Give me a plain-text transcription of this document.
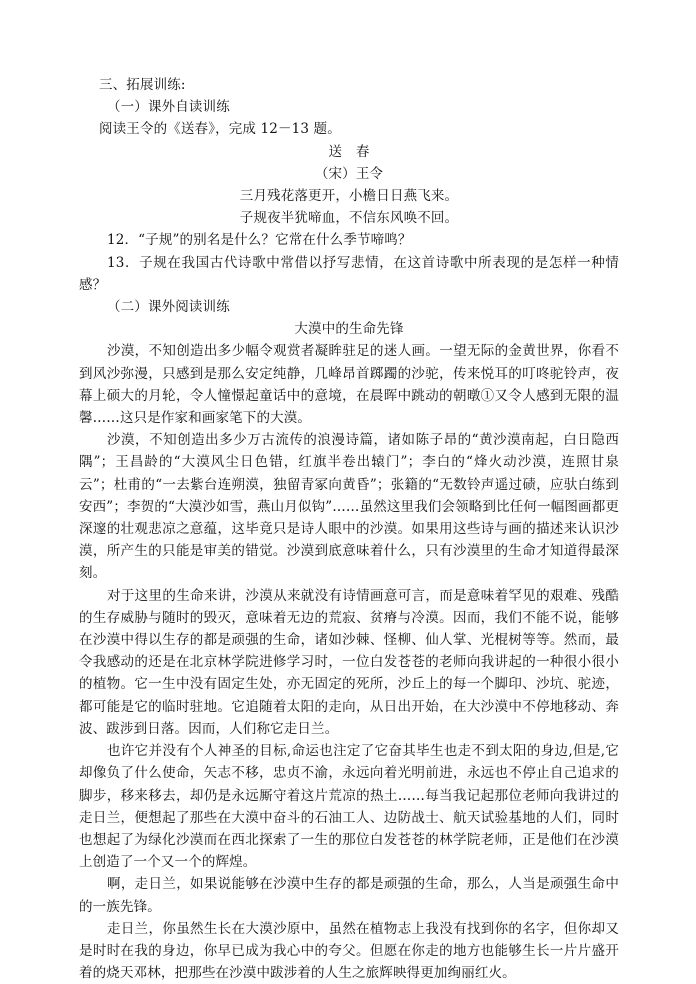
三、拓展训练:
（一）课外自读训练
阅读王令的《送春》，完成 12－13 题。
送　春
（宋）王令
三月残花落更开，小檐日日燕飞来。
子规夜半犹啼血，不信东风唤不回。
12．“子规”的别名是什么？它常在什么季节啼鸣？
13．子规在我国古代诗歌中常借以抒写悲情，在这首诗歌中所表现的是怎样一种情感？
（二）课外阅读训练
大漠中的生命先锋
沙漠，不知创造出多少幅令观赏者凝眸驻足的迷人画。一望无际的金黄世界，你看不到风沙弥漫，只感到是那么安定纯静，几峰昂首踯躅的沙驼，传来悦耳的叮咚驼铃声，夜幕上硕大的月轮，令人憧憬起童话中的意境，在晨晖中跳动的朝暾①又令人感到无限的温馨……这只是作家和画家笔下的大漠。
沙漠，不知创造出多少万古流传的浪漫诗篇，诸如陈子昂的“黄沙漠南起，白日隐西隅”；王昌龄的“大漠风尘日色错，红旗半卷出辕门”；李白的“烽火动沙漠，连照甘泉云”；杜甫的“一去紫台连朔漠，独留青冢向黄昏”；张籍的“无数铃声遥过碛，应驮白练到安西”；李贺的“大漠沙如雪，燕山月似钩”……虽然这里我们会领略到比任何一幅图画都更深邃的壮观悲凉之意蕴，这毕竟只是诗人眼中的沙漠。如果用这些诗与画的描述来认识沙漠，所产生的只能是审美的错觉。沙漠到底意味着什么，只有沙漠里的生命才知道得最深刻。
对于这里的生命来讲，沙漠从来就没有诗情画意可言，而是意味着罕见的艰难、残酷的生存威胁与随时的毁灭，意味着无边的荒寂、贫瘠与冷漠。因而，我们不能不说，能够在沙漠中得以生存的都是顽强的生命，诸如沙棘、怪柳、仙人掌、光棍树等等。然而，最令我感动的还是在北京林学院进修学习时，一位白发苍苍的老师向我讲起的一种很小很小的植物。它一生中没有固定生处，亦无固定的死所，沙丘上的每一个脚印、沙坑、驼迹，都可能是它的临时驻地。它追随着太阳的走向，从日出开始，在大沙漠中不停地移动、奔波、跋涉到日落。因而，人们称它走日兰。
也许它并没有个人神圣的目标,命运也注定了它奋其毕生也走不到太阳的身边,但是,它却像负了什么使命，矢志不移，忠贞不渝，永远向着光明前进，永远也不停止自己追求的脚步，移来移去，却仍是永远厮守着这片荒凉的热土……每当我记起那位老师向我讲过的走日兰，便想起了那些在大漠中奋斗的石油工人、边防战士、航天试验基地的人们，同时也想起了为绿化沙漠而在西北探索了一生的那位白发苍苍的林学院老师，正是他们在沙漠上创造了一个又一个的辉煌。
啊，走日兰，如果说能够在沙漠中生存的都是顽强的生命，那么，人当是顽强生命中的一族先锋。
走日兰，你虽然生长在大漠沙原中，虽然在植物志上我没有找到你的名字，但你却又是时时在我的身边，你早已成为我心中的夸父。但愿在你走的地方也能够生长一片片盛开着的烧天邓林，把那些在沙漠中跋涉着的人生之旅辉映得更加绚丽红火。
